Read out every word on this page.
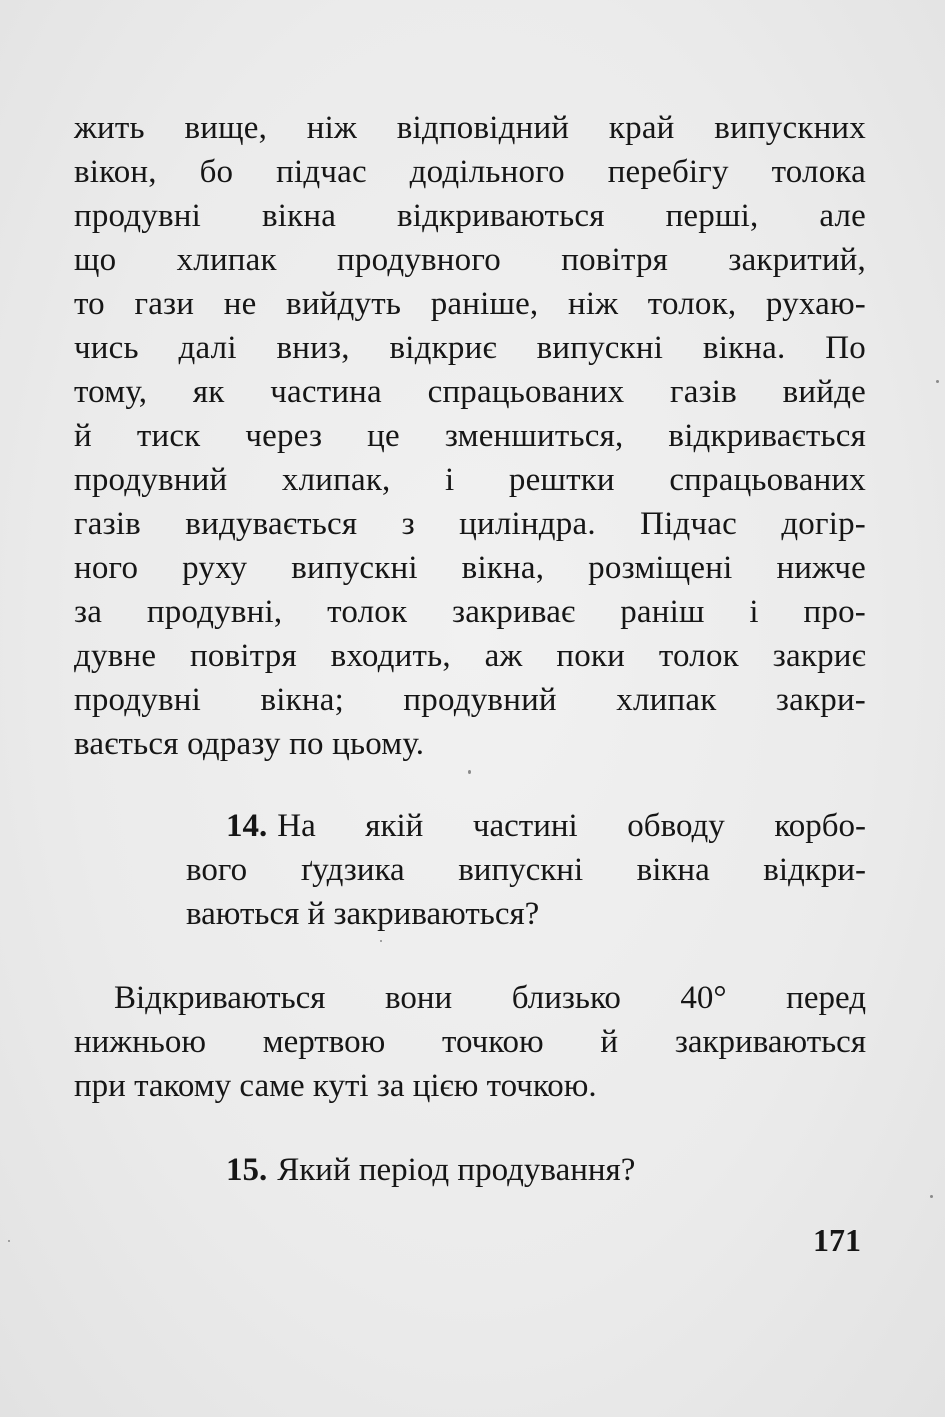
жить вище, ніж відповідний край випускних
вікон, бо підчас додільного перебігу толока
продувні вікна відкриваються перші, але
що хлипак продувного повітря закритий,
то гази не вийдуть раніше, ніж толок, рухаю-
чись далі вниз, відкриє випускні вікна. По
тому, як частина спрацьованих газів вийде
й тиск через це зменшиться, відкривається
продувний хлипак, і рештки спрацьованих
газів видувається з циліндра. Підчас догір-
ного руху випускні вікна, розміщені нижче
за продувні, толок закриває раніш і про-
дувне повітря входить, аж поки толок закриє
продувні вікна; продувний хлипак закри-
вається одразу по цьому.
14. На якій частині обводу корбо-
вого ґудзика випускні вікна відкри-
ваються й закриваються?
Відкриваються вони близько 40° перед
нижньою мертвою точкою й закриваються
при такому саме куті за цією точкою.
15. Який період продування?
171
